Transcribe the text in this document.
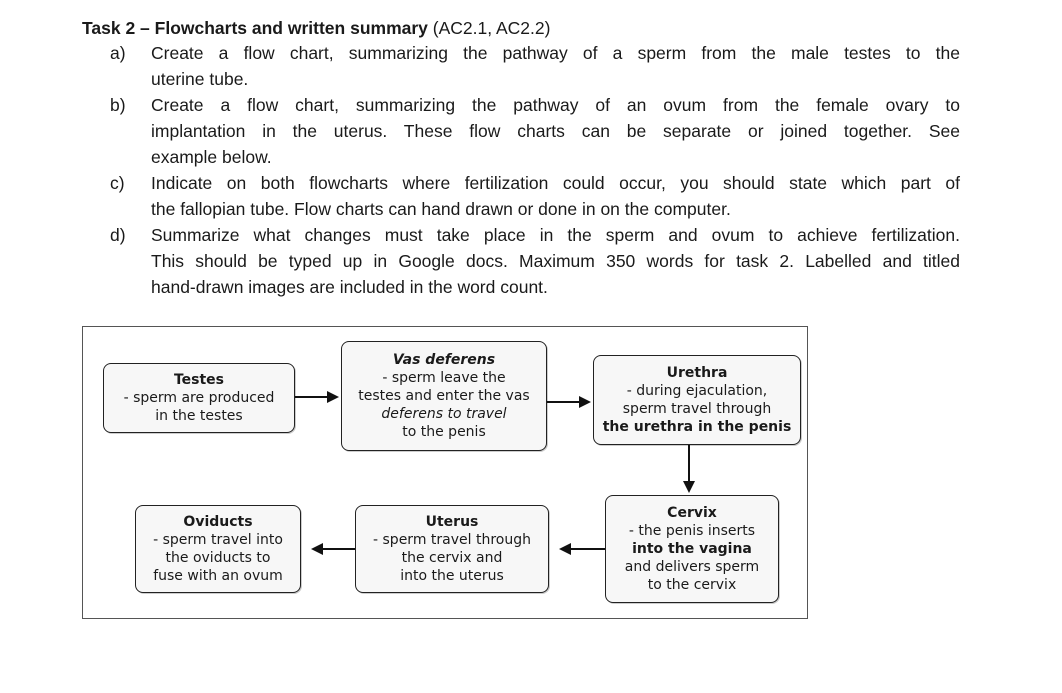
Task 2 – Flowcharts and written summary (AC2.1, AC2.2)
a) Create a flow chart, summarizing the pathway of a sperm from the male testes to the
uterine tube.
b) Create a flow chart, summarizing the pathway of an ovum from the female ovary to
implantation in the uterus. These flow charts can be separate or joined together. See
example below.
c) Indicate on both flowcharts where fertilization could occur, you should state which part of
the fallopian tube. Flow charts can hand drawn or done in on the computer.
d) Summarize what changes must take place in the sperm and ovum to achieve fertilization.
This should be typed up in Google docs. Maximum 350 words for task 2. Labelled and titled
hand-drawn images are included in the word count.
Testes
- sperm are produced
in the testes
Vas deferens
- sperm leave the
testes and enter the vas
deferens to travel
to the penis
Urethra
- during ejaculation,
sperm travel through
the urethra in the penis
Cervix
- the penis inserts
into the vagina
and delivers sperm
to the cervix
Uterus
- sperm travel through
the cervix and
into the uterus
Oviducts
- sperm travel into
the oviducts to
fuse with an ovum
